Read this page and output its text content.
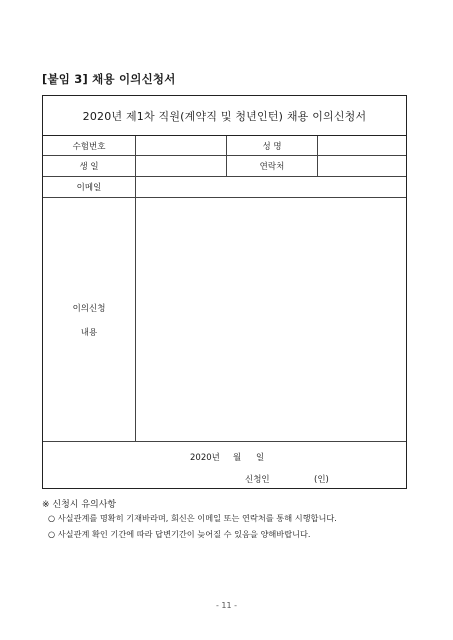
[붙임 3] 채용 이의신청서
2020년 제1차 직원(계약직 및 청년인턴) 채용 이의신청서
수험번호	성 명
생 일	연락처
이메일
이의신청
내용
2020년 월 일
신청인	(인)
※ 신청시 유의사항
○ 사실관계를 명확히 기재바라며, 회신은 이메일 또는 연락처를 통해 시행합니다.
○ 사실관계 확인 기간에 따라 답변기간이 늦어질 수 있음을 양해바랍니다.
- 11 -
